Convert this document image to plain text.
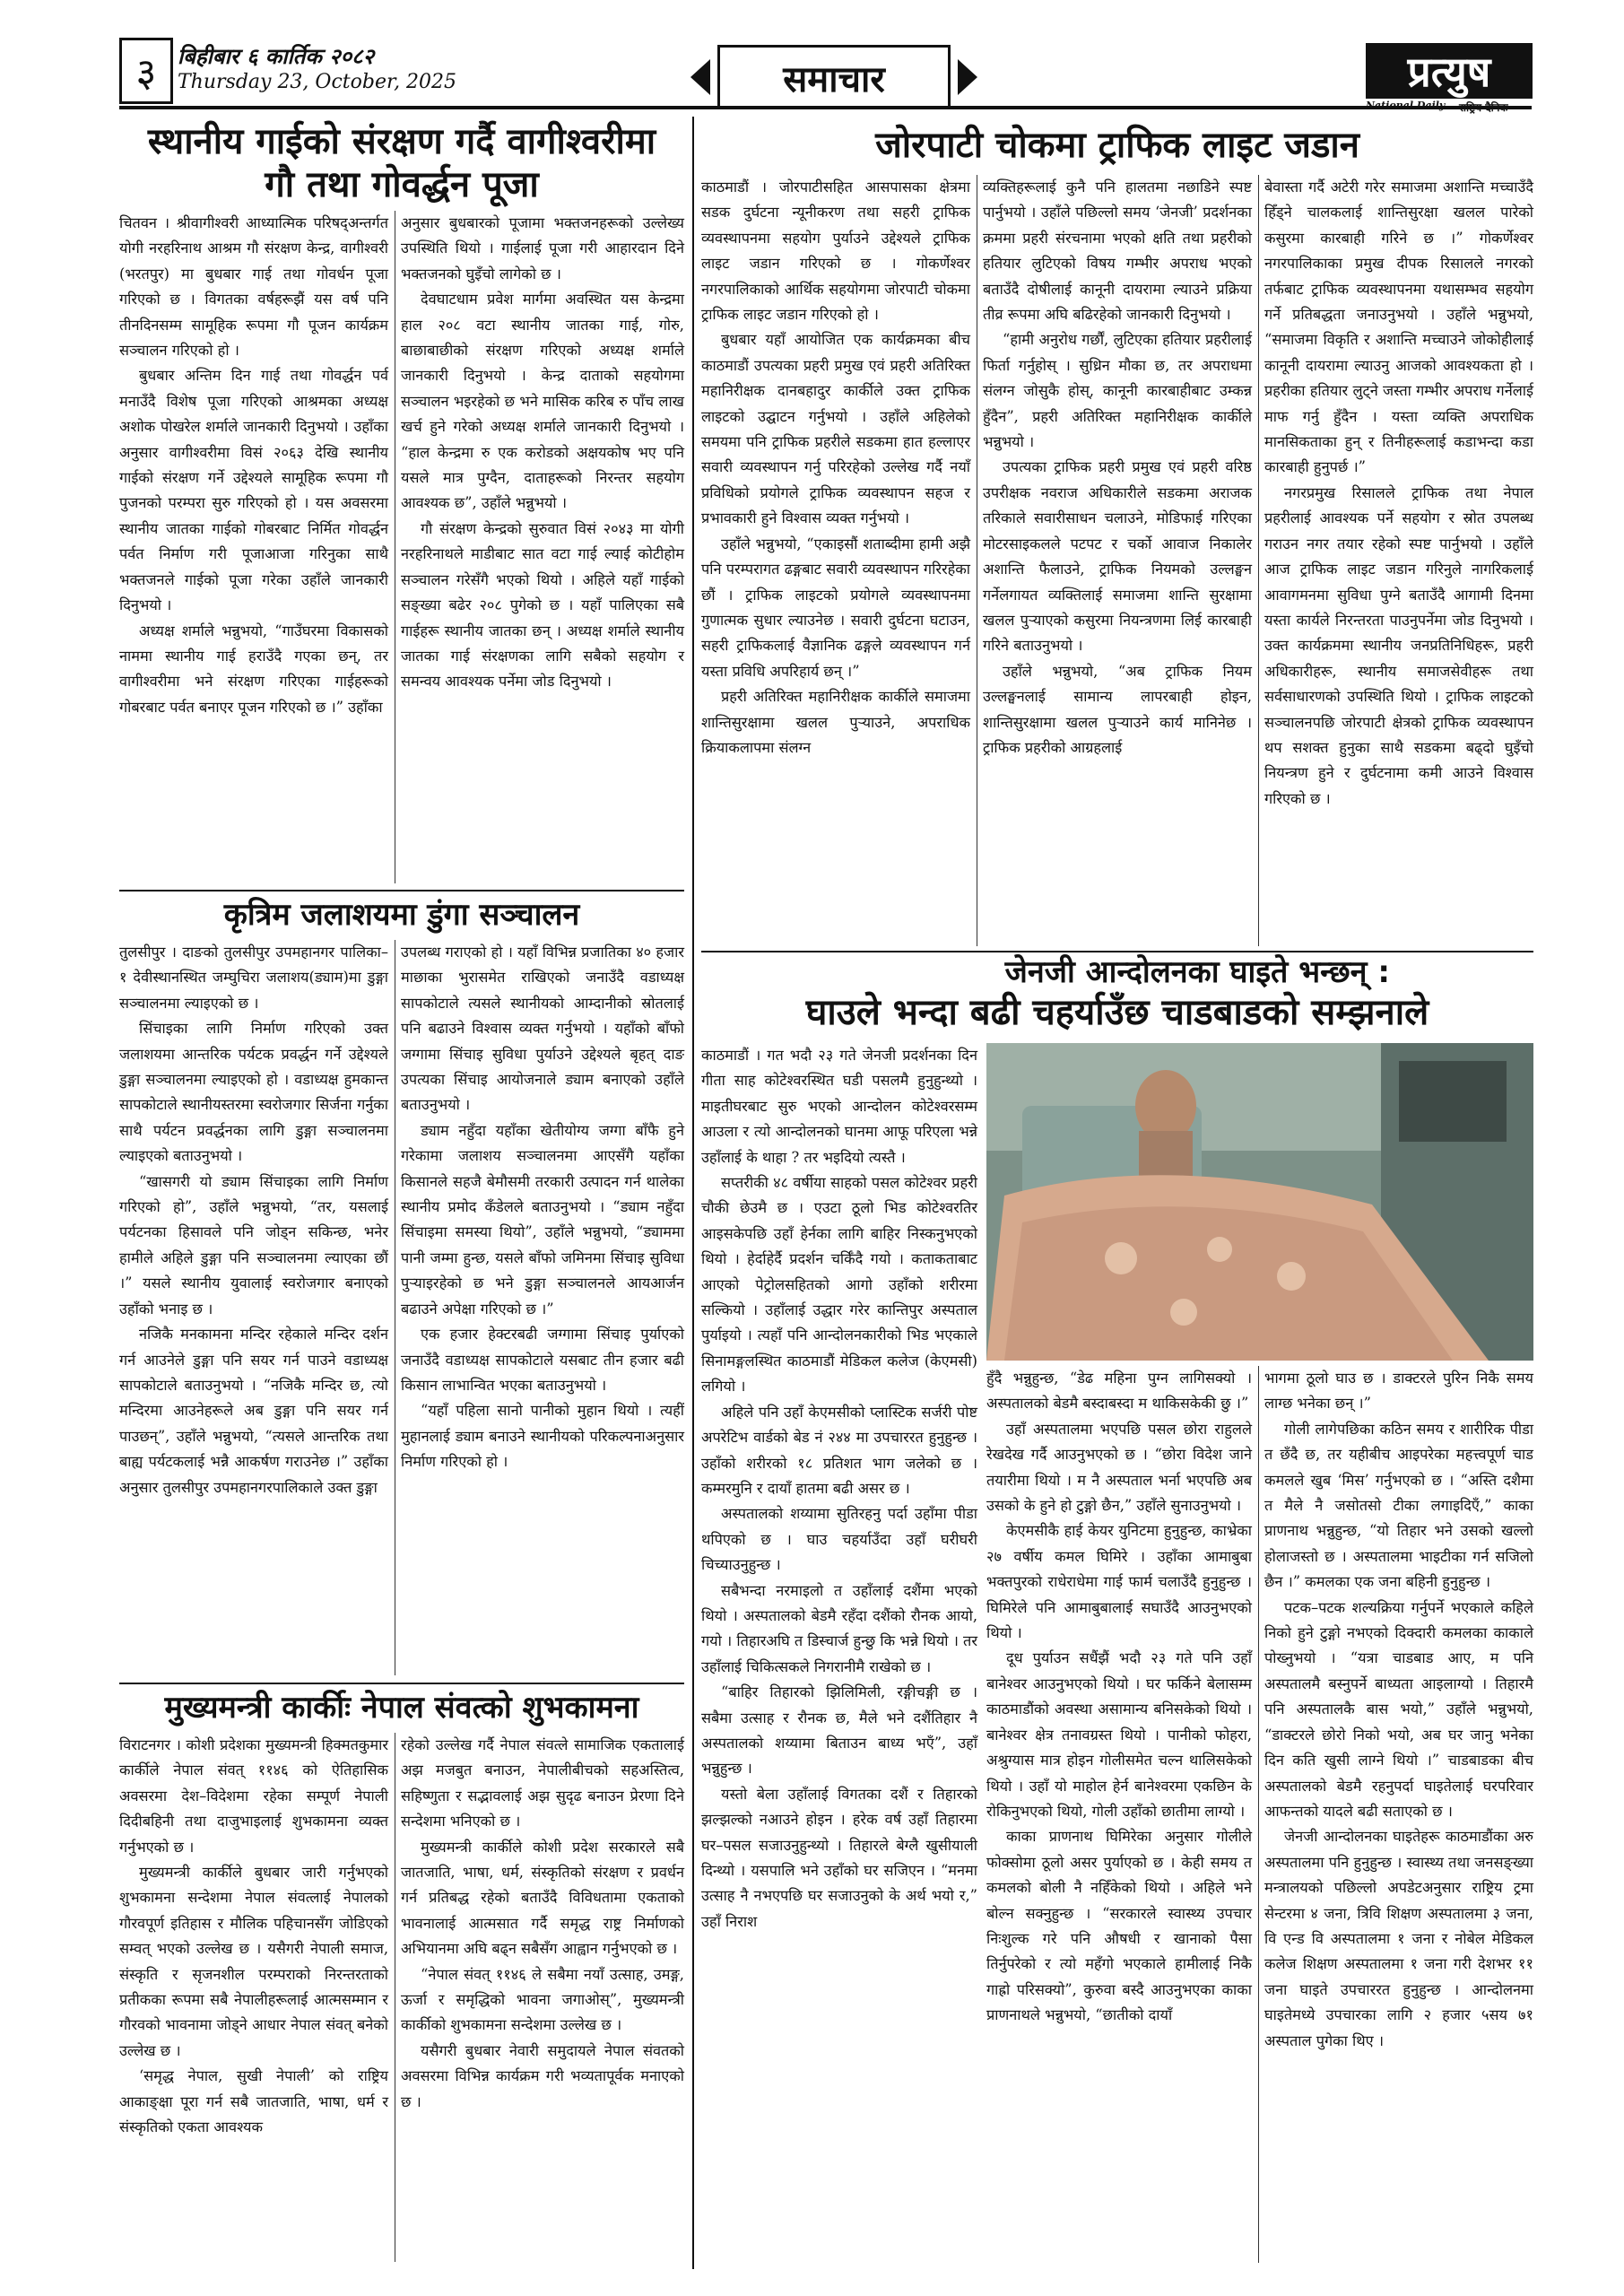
३ बिहीबार ६ कार्तिक २०८२
Thursday 23, October, 2025	समाचार	प्रत्युष
स्थानीय गाईको संरक्षण गर्दै वागीश्वरीमा
गौ तथा गोवर्द्धन पूजा

चितवन । श्रीवागीश्वरी आध्यात्मिक परिषद्अन्तर्गत योगी नरहरिनाथ आश्रम गौ संरक्षण केन्द्र, वागीश्वरी (भरतपुर) मा बुधबार गाई तथा गोवर्धन पूजा गरिएको छ । विगतका वर्षहरूझैं यस वर्ष पनि तीनदिनसम्म सामूहिक रूपमा गौ पूजन कार्यक्रम सञ्चालन गरिएको हो ।

बुधबार अन्तिम दिन गाई तथा गोवर्द्धन पर्व मनाउँदै विशेष पूजा गरिएको आश्रमका अध्यक्ष अशोक पोखरेल शर्माले जानकारी दिनुभयो । उहाँका अनुसार वागीश्वरीमा विसं २०६३ देखि स्थानीय गाईको संरक्षण गर्ने उद्देश्यले सामूहिक रूपमा गौ पुजनको परम्परा सुरु गरिएको हो । यस अवसरमा स्थानीय जातका गाईको गोबरबाट निर्मित गोवर्द्धन पर्वत निर्माण गरी पूजाआजा गरिनुका साथै भक्तजनले गाईको पूजा गरेका उहाँले जानकारी दिनुभयो ।

अध्यक्ष शर्माले भन्नुभयो, “गाउँघरमा विकासको नाममा स्थानीय गाई हराउँदै गएका छन्, तर वागीश्वरीमा भने संरक्षण गरिएका गाईहरूको गोबरबाट पर्वत बनाएर पूजन गरिएको छ ।” उहाँका

अनुसार बुधबारको पूजामा भक्तजनहरूको उल्लेख्य उपस्थिति थियो । गाईलाई पूजा गरी आहारदान दिने भक्तजनको घुइँचो लागेको छ ।

देवघाटधाम प्रवेश मार्गमा अवस्थित यस केन्द्रमा हाल २०८ वटा स्थानीय जातका गाई, गोरु, बाछाबाछीको संरक्षण गरिएको अध्यक्ष शर्माले जानकारी दिनुभयो । केन्द्र दाताको सहयोगमा सञ्चालन भइरहेको छ भने मासिक करिब रु पाँच लाख खर्च हुने गरेको अध्यक्ष शर्माले जानकारी दिनुभयो । “हाल केन्द्रमा रु एक करोडको अक्षयकोष भए पनि यसले मात्र पुग्दैन, दाताहरूको निरन्तर सहयोग आवश्यक छ”, उहाँले भन्नुभयो ।

गौ संरक्षण केन्द्रको सुरुवात विसं २०४३ मा योगी नरहरिनाथले माडीबाट सात वटा गाई ल्याई कोटीहोम सञ्चालन गरेसँगै भएको थियो । अहिले यहाँ गाईको सङ्ख्या बढेर २०८ पुगेको छ । यहाँ पालिएका सबै गाईहरू स्थानीय जातका छन् । अध्यक्ष शर्माले स्थानीय जातका गाई संरक्षणका लागि सबैको सहयोग र समन्वय आवश्यक पर्नेमा जोड दिनुभयो ।

कृत्रिम जलाशयमा डुंगा सञ्चालन

तुलसीपुर । दाङको तुलसीपुर उपमहानगर पालिका–१ देवीस्थानस्थित जम्घुचिरा जलाशय(ड्याम)मा डुङ्गा सञ्चालनमा ल्याइएको छ ।

सिंचाइका लागि निर्माण गरिएको उक्त जलाशयमा आन्तरिक पर्यटक प्रवर्द्धन गर्ने उद्देश्यले डुङ्गा सञ्चालनमा ल्याइएको हो । वडाध्यक्ष हुमकान्त सापकोटाले स्थानीयस्तरमा स्वरोजगार सिर्जना गर्नुका साथै पर्यटन प्रवर्द्धनका लागि डुङ्गा सञ्चालनमा ल्याइएको बताउनुभयो ।

“खासगरी यो ड्याम सिंचाइका लागि निर्माण गरिएको हो”, उहाँले भन्नुभयो, “तर, यसलाई पर्यटनका हिसावले पनि जोड्न सकिन्छ, भनेर हामीले अहिले डुङ्गा पनि सञ्चालनमा ल्याएका छौं ।” यसले स्थानीय युवालाई स्वरोजगार बनाएको उहाँको भनाइ छ ।

नजिकै मनकामना मन्दिर रहेकाले मन्दिर दर्शन गर्न आउनेले डुङ्गा पनि सयर गर्न पाउने वडाध्यक्ष सापकोटाले बताउनुभयो । “नजिकै मन्दिर छ, त्यो मन्दिरमा आउनेहरूले अब डुङ्गा पनि सयर गर्न पाउछन्”, उहाँले भन्नुभयो, “त्यसले आन्तरिक तथा बाह्य पर्यटकलाई भन्नै आकर्षण गराउनेछ ।” उहाँका अनुसार तुलसीपुर उपमहानगरपालिकाले उक्त डुङ्गा

उपलब्ध गराएको हो । यहाँ विभिन्न प्रजातिका ४० हजार माछाका भुरासमेत राखिएको जनाउँदै वडाध्यक्ष सापकोटाले त्यसले स्थानीयको आम्दानीको स्रोतलाई पनि बढाउने विश्वास व्यक्त गर्नुभयो । यहाँको बाँफो जग्गामा सिंचाइ सुविधा पुर्याउने उद्देश्यले बृहत् दाङ उपत्यका सिंचाइ आयोजनाले ड्याम बनाएको उहाँले बताउनुभयो ।

ड्याम नहुँदा यहाँका खेतीयोग्य जग्गा बाँफै हुने गरेकामा जलाशय सञ्चालनमा आएसँगै यहाँका किसानले सहजै बेमौसमी तरकारी उत्पादन गर्न थालेका स्थानीय प्रमोद कँडेलले बताउनुभयो । “ड्याम नहुँदा सिंचाइमा समस्या थियो”, उहाँले भन्नुभयो, “ड्याममा पानी जम्मा हुन्छ, यसले बाँफो जमिनमा सिंचाइ सुविधा पुऱ्याइरहेको छ भने डुङ्गा सञ्चालनले आयआर्जन बढाउने अपेक्षा गरिएको छ ।”

एक हजार हेक्टरबढी जग्गामा सिंचाइ पुर्याएको जनाउँदै वडाध्यक्ष सापकोटाले यसबाट तीन हजार बढी किसान लाभान्वित भएका बताउनुभयो ।

“यहाँ पहिला सानो पानीको मुहान थियो । त्यहीं मुहानलाई ड्याम बनाउने स्थानीयको परिकल्पनाअनुसार निर्माण गरिएको हो ।

मुख्यमन्त्री कार्कीः नेपाल संवत्को शुभकामना

विराटनगर । कोशी प्रदेशका मुख्यमन्त्री हिक्मतकुमार कार्कीले नेपाल संवत् ११४६ को ऐतिहासिक अवसरमा देश–विदेशमा रहेका सम्पूर्ण नेपाली दिदीबहिनी तथा दाजुभाइलाई शुभकामना व्यक्त गर्नुभएको छ ।

मुख्यमन्त्री कार्कीले बुधबार जारी गर्नुभएको शुभकामना सन्देशमा नेपाल संवत्लाई नेपालको गौरवपूर्ण इतिहास र मौलिक पहिचानसँग जोडिएको सम्वत् भएको उल्लेख छ । यसैगरी नेपाली समाज, संस्कृति र सृजनशील परम्पराको निरन्तरताको प्रतीकका रूपमा सबै नेपालीहरूलाई आत्मसम्मान र गौरवको भावनामा जोड्ने आधार नेपाल संवत् बनेको उल्लेख छ ।

‘समृद्ध नेपाल, सुखी नेपाली’ को राष्ट्रिय आकाङ्क्षा पूरा गर्न सबै जातजाति, भाषा, धर्म र संस्कृतिको एकता आवश्यक

रहेको उल्लेख गर्दै नेपाल संवत्ले सामाजिक एकतालाई अझ मजबुत बनाउन, नेपालीबीचको सहअस्तित्व, सहिष्णुता र सद्भावलाई अझ सुदृढ बनाउन प्रेरणा दिने सन्देशमा भनिएको छ ।

मुख्यमन्त्री कार्कीले कोशी प्रदेश सरकारले सबै जातजाति, भाषा, धर्म, संस्कृतिको संरक्षण र प्रवर्धन गर्न प्रतिबद्ध रहेको बताउँदै विविधतामा एकताको भावनालाई आत्मसात गर्दै समृद्ध राष्ट्र निर्माणको अभियानमा अघि बढ्न सबैसँग आह्वान गर्नुभएको छ ।

“नेपाल संवत् ११४६ ले सबैमा नयाँ उत्साह, उमङ्ग, ऊर्जा र समृद्धिको भावना जगाओस्”, मुख्यमन्त्री कार्कीको शुभकामना सन्देशमा उल्लेख छ ।

यसैगरी बुधबार नेवारी समुदायले नेपाल संवतको अवसरमा विभिन्न कार्यक्रम गरी भव्यतापूर्वक मनाएको छ ।

जोरपाटी चोकमा ट्राफिक लाइट जडान

काठमाडौं । जोरपाटीसहित आसपासका क्षेत्रमा सडक दुर्घटना न्यूनीकरण तथा सहरी ट्राफिक व्यवस्थापनमा सहयोग पुर्याउने उद्देश्यले ट्राफिक लाइट जडान गरिएको छ । गोकर्णेश्वर नगरपालिकाको आर्थिक सहयोगमा जोरपाटी चोकमा ट्राफिक लाइट जडान गरिएको हो ।

बुधबार यहाँ आयोजित एक कार्यक्रमका बीच काठमाडौं उपत्यका प्रहरी प्रमुख एवं प्रहरी अतिरिक्त महानिरीक्षक दानबहादुर कार्कीले उक्त ट्राफिक लाइटको उद्घाटन गर्नुभयो । उहाँले अहिलेको समयमा पनि ट्राफिक प्रहरीले सडकमा हात हल्लाएर सवारी व्यवस्थापन गर्नु परिरहेको उल्लेख गर्दै नयाँ प्रविधिको प्रयोगले ट्राफिक व्यवस्थापन सहज र प्रभावकारी हुने विश्वास व्यक्त गर्नुभयो ।

उहाँले भन्नुभयो, “एकाइसौं शताब्दीमा हामी अझै पनि परम्परागत ढङ्गबाट सवारी व्यवस्थापन गरिरहेका छौं । ट्राफिक लाइटको प्रयोगले व्यवस्थापनमा गुणात्मक सुधार ल्याउनेछ । सवारी दुर्घटना घटाउन, सहरी ट्राफिकलाई वैज्ञानिक ढङ्गले व्यवस्थापन गर्न यस्ता प्रविधि अपरिहार्य छन् ।”

प्रहरी अतिरिक्त महानिरीक्षक कार्कीले समाजमा शान्तिसुरक्षामा खलल पुऱ्याउने, अपराधिक क्रियाकलापमा संलग्न

व्यक्तिहरूलाई कुनै पनि हालतमा नछाडिने स्पष्ट पार्नुभयो । उहाँले पछिल्लो समय ‘जेनजी’ प्रदर्शनका क्रममा प्रहरी संरचनामा भएको क्षति तथा प्रहरीको हतियार लुटिएको विषय गम्भीर अपराध भएको बताउँदै दोषीलाई कानूनी दायरामा ल्याउने प्रक्रिया तीव्र रूपमा अघि बढिरहेको जानकारी दिनुभयो ।

“हामी अनुरोध गर्छौं, लुटिएका हतियार प्रहरीलाई फिर्ता गर्नुहोस् । सुध्रिन मौका छ, तर अपराधमा संलग्न जोसुकै होस्, कानूनी कारबाहीबाट उम्कन्न हुँदैन”, प्रहरी अतिरिक्त महानिरीक्षक कार्कीले भन्नुभयो ।

उपत्यका ट्राफिक प्रहरी प्रमुख एवं प्रहरी वरिष्ठ उपरीक्षक नवराज अधिकारीले सडकमा अराजक तरिकाले सवारीसाधन चलाउने, मोडिफाई गरिएका मोटरसाइकलले पटपट र चर्को आवाज निकालेर अशान्ति फैलाउने, ट्राफिक नियमको उल्लङ्घन गर्नेलगायत व्यक्तिलाई समाजमा शान्ति सुरक्षामा खलल पुऱ्याएको कसुरमा नियन्त्रणमा लिई कारबाही गरिने बताउनुभयो ।

उहाँले भन्नुभयो, “अब ट्राफिक नियम उल्लङ्घनलाई सामान्य लापरबाही होइन, शान्तिसुरक्षामा खलल पुऱ्याउने कार्य मानिनेछ । ट्राफिक प्रहरीको आग्रहलाई

बेवास्ता गर्दै अटेरी गरेर समाजमा अशान्ति मच्चाउँदै हिँड्ने चालकलाई शान्तिसुरक्षा खलल पारेको कसुरमा कारबाही गरिने छ ।” गोकर्णेश्वर नगरपालिकाका प्रमुख दीपक रिसालले नगरको तर्फबाट ट्राफिक व्यवस्थापनमा यथासम्भव सहयोग गर्ने प्रतिबद्धता जनाउनुभयो । उहाँले भन्नुभयो, “समाजमा विकृति र अशान्ति मच्चाउने जोकोहीलाई कानूनी दायरामा ल्याउनु आजको आवश्यकता हो । प्रहरीका हतियार लुट्ने जस्ता गम्भीर अपराध गर्नेलाई माफ गर्नु हुँदैन । यस्ता व्यक्ति अपराधिक मानसिकताका हुन् र तिनीहरूलाई कडाभन्दा कडा कारबाही हुनुपर्छ ।”

नगरप्रमुख रिसालले ट्राफिक तथा नेपाल प्रहरीलाई आवश्यक पर्ने सहयोग र स्रोत उपलब्ध गराउन नगर तयार रहेको स्पष्ट पार्नुभयो । उहाँले आज ट्राफिक लाइट जडान गरिनुले नागरिकलाई आवागमनमा सुविधा पुग्ने बताउँदै आगामी दिनमा यस्ता कार्यले निरन्तरता पाउनुपर्नेमा जोड दिनुभयो । उक्त कार्यक्रममा स्थानीय जनप्रतिनिधिहरू, प्रहरी अधिकारीहरू, स्थानीय समाजसेवीहरू तथा सर्वसाधारणको उपस्थिति थियो । ट्राफिक लाइटको सञ्चालनपछि जोरपाटी क्षेत्रको ट्राफिक व्यवस्थापन थप सशक्त हुनुका साथै सडकमा बढ्दो घुइँचो नियन्त्रण हुने र दुर्घटनामा कमी आउने विश्वास गरिएको छ ।

जेनजी आन्दोलनका घाइते भन्छन् :
घाउले भन्दा बढी चहर्याउँछ चाडबाडको सम्झनाले

काठमाडौं । गत भदौ २३ गते जेनजी प्रदर्शनका दिन गीता साह कोटेश्वरस्थित घडी पसलमै हुनुहुन्थ्यो । माइतीघरबाट सुरु भएको आन्दोलन कोटेश्वरसम्म आउला र त्यो आन्दोलनको घानमा आफू परिएला भन्ने उहाँलाई के थाहा ? तर भइदियो त्यस्तै ।

सप्तरीकी ४८ वर्षीया साहको पसल कोटेश्वर प्रहरी चौकी छेउमै छ । एउटा ठूलो भिड कोटेश्वरतिर आइसकेपछि उहाँ हेर्नका लागि बाहिर निस्कनुभएको थियो । हेर्दाहेर्दै प्रदर्शन चर्किँदै गयो । कताकताबाट आएको पेट्रोलसहितको आगो उहाँको शरीरमा सल्कियो । उहाँलाई उद्धार गरेर कान्तिपुर अस्पताल पुर्याइयो । त्यहाँ पनि आन्दोलनकारीको भिड भएकाले सिनामङ्गलस्थित काठमाडौं मेडिकल कलेज (केएमसी) लगियो ।

अहिले पनि उहाँ केएमसीको प्लास्टिक सर्जरी पोष्ट अपरेटिभ वार्डको बेड नं २४४ मा उपचाररत हुनुहुन्छ । उहाँको शरीरको १८ प्रतिशत भाग जलेको छ । कम्मरमुनि र दायाँ हातमा बढी असर छ ।

अस्पतालको शय्यामा सुतिरहनु पर्दा उहाँमा पीडा थपिएको छ । घाउ चहर्याउँदा उहाँ घरीघरी चिच्याउनुहुन्छ ।

सबैभन्दा नरमाइलो त उहाँलाई दशैंमा भएको थियो । अस्पतालको बेडमै रहँदा दशैंको रौनक आयो, गयो । तिहारअघि त डिस्चार्ज हुन्छु कि भन्ने थियो । तर उहाँलाई चिकित्सकले निगरानीमै राखेको छ ।

“बाहिर तिहारको झिलिमिली, रङ्गीचङ्गी छ । सबैमा उत्साह र रौनक छ, मैले भने दशैंतिहार नै अस्पतालको शय्यामा बिताउन बाध्य भएँ”, उहाँ भन्नुहुन्छ ।

यस्तो बेला उहाँलाई विगतका दशैं र तिहारको झल्झल्को नआउने होइन । हरेक वर्ष उहाँ तिहारमा घर–पसल सजाउनुहुन्थ्यो । तिहारले बेग्लै खुसीयाली दिन्थ्यो । यसपालि भने उहाँको घर सजिएन । “मनमा उत्साह नै नभएपछि घर सजाउनुको के अर्थ भयो र,” उहाँ निराश

हुँदै भन्नुहुन्छ, “डेढ महिना पुग्न लागिसक्यो । अस्पतालको बेडमै बस्दाबस्दा म थाकिसकेकी छु ।”

उहाँ अस्पतालमा भएपछि पसल छोरा राहुलले रेखदेख गर्दै आउनुभएको छ । “छोरा विदेश जाने तयारीमा थियो । म नै अस्पताल भर्ना भएपछि अब उसको के हुने हो टुङ्गो छैन,” उहाँले सुनाउनुभयो ।

केएमसीकै हाई केयर युनिटमा हुनुहुन्छ, काभ्रेका २७ वर्षीय कमल घिमिरे । उहाँका आमाबुबा भक्तपुरको राधेराधेमा गाई फार्म चलाउँदै हुनुहुन्छ । घिमिरेले पनि आमाबुबालाई सघाउँदै आउनुभएको थियो ।

दूध पुर्याउन सधैंझैं भदौ २३ गते पनि उहाँ बानेश्वर आउनुभएको थियो । घर फर्किने बेलासम्म काठमाडौंको अवस्था असामान्य बनिसकेको थियो । बानेश्वर क्षेत्र तनावग्रस्त थियो । पानीको फोहरा, अश्रुग्यास मात्र होइन गोलीसमेत चल्न थालिसकेको थियो । उहाँ यो माहोल हेर्न बानेश्वरमा एकछिन के रोकिनुभएको थियो, गोली उहाँको छातीमा लाग्यो ।

काका प्राणनाथ घिमिरेका अनुसार गोलीले फोक्सोमा ठूलो असर पुर्याएको छ । केही समय त कमलको बोली नै नहिँकेको थियो । अहिले भने बोल्न सक्नुहुन्छ । “सरकारले स्वास्थ्य उपचार निःशुल्क गरे पनि औषधी र खानाको पैसा तिर्नुपरेको र त्यो महँगो भएकाले हामीलाई निकै गाह्रो परिसक्यो”, कुरुवा बस्दै आउनुभएका काका प्राणनाथले भन्नुभयो, “छातीको दायाँ

भागमा ठूलो घाउ छ । डाक्टरले पुरिन निकै समय लाग्छ भनेका छन् ।”

गोली लागेपछिका कठिन समय र शारीरिक पीडा त छँदै छ, तर यहीबीच आइपरेका महत्त्वपूर्ण चाड कमलले खुब ‘मिस’ गर्नुभएको छ । “अस्ति दशैमा त मैले नै जसोतसो टीका लगाइदिएँ,” काका प्राणनाथ भन्नुहुन्छ, “यो तिहार भने उसको खल्लो होलाजस्तो छ । अस्पतालमा भाइटीका गर्न सजिलो छैन ।” कमलका एक जना बहिनी हुनुहुन्छ ।

पटक–पटक शल्यक्रिया गर्नुपर्ने भएकाले कहिले निको हुने टुङ्गो नभएको दिक्दारी कमलका काकाले पोख्नुभयो । “यत्रा चाडबाड आए, म पनि अस्पतालमै बस्नुपर्ने बाध्यता आइलाग्यो । तिहारमै पनि अस्पतालकै बास भयो,” उहाँले भन्नुभयो, “डाक्टरले छोरो निको भयो, अब घर जानु भनेका दिन कति खुसी लाग्ने थियो ।” चाडबाडका बीच अस्पतालको बेडमै रहनुपर्दा घाइतेलाई घरपरिवार आफन्तको यादले बढी सताएको छ ।

जेनजी आन्दोलनका घाइतेहरू काठमाडौंका अरु अस्पतालमा पनि हुनुहुन्छ । स्वास्थ्य तथा जनसङ्ख्या मन्त्रालयको पछिल्लो अपडेटअनुसार राष्ट्रिय ट्रमा सेन्टरमा ४ जना, त्रिवि शिक्षण अस्पतालमा ३ जना, वि एन्ड वि अस्पतालमा १ जना र नोबेल मेडिकल कलेज शिक्षण अस्पतालमा १ जना गरी देशभर ११ जना घाइते उपचाररत हुनुहुन्छ । आन्दोलनमा घाइतेमध्ये उपचारका लागि २ हजार ५सय ७१ अस्पताल पुगेका थिए ।
